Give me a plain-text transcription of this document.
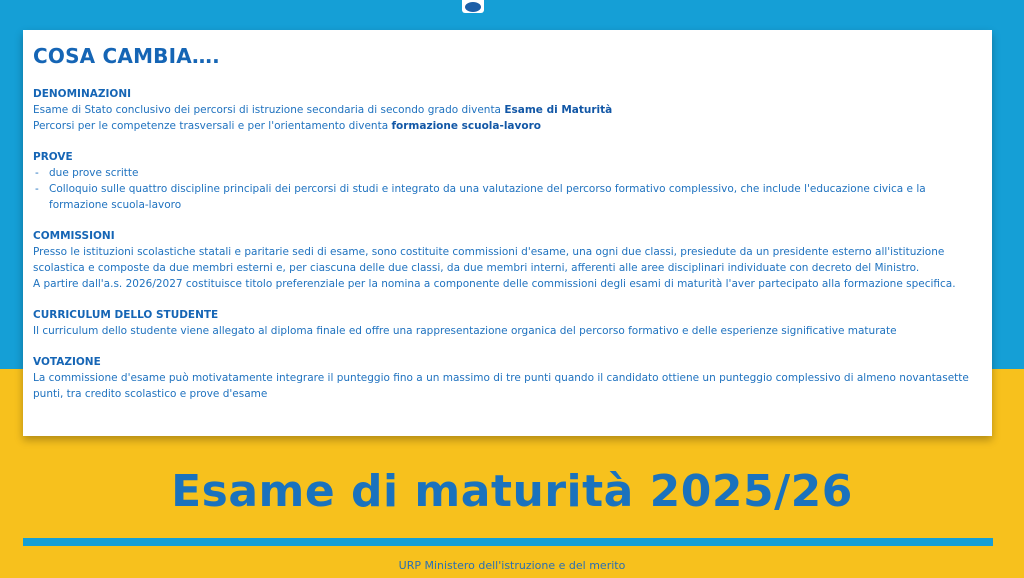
COSA CAMBIA….

DENOMINAZIONI

Esame di Stato conclusivo dei percorsi di istruzione secondaria di secondo grado diventa Esame di Maturità

Percorsi per le competenze trasversali e per l'orientamento diventa formazione scuola-lavoro

PROVE

- due prove scritte
- Colloquio sulle quattro discipline principali dei percorsi di studi e integrato da una valutazione del percorso formativo complessivo, che include l'educazione civica e la formazione scuola-lavoro

COMMISSIONI

Presso le istituzioni scolastiche statali e paritarie sedi di esame, sono costituite commissioni d'esame, una ogni due classi, presiedute da un presidente esterno all'istituzione scolastica e composte da due membri esterni e, per ciascuna delle due classi, da due membri interni, afferenti alle aree disciplinari individuate con decreto del Ministro.

A partire dall'a.s. 2026/2027 costituisce titolo preferenziale per la nomina a componente delle commissioni degli esami di maturità l'aver partecipato alla formazione specifica.

CURRICULUM DELLO STUDENTE

Il curriculum dello studente viene allegato al diploma finale ed offre una rappresentazione organica del percorso formativo e delle esperienze significative maturate

VOTAZIONE

La commissione d'esame può motivatamente integrare il punteggio fino a un massimo di tre punti quando il candidato ottiene un punteggio complessivo di almeno novantasette punti, tra credito scolastico e prove d'esame

Esame di maturità 2025/26

URP Ministero dell'istruzione e del merito
